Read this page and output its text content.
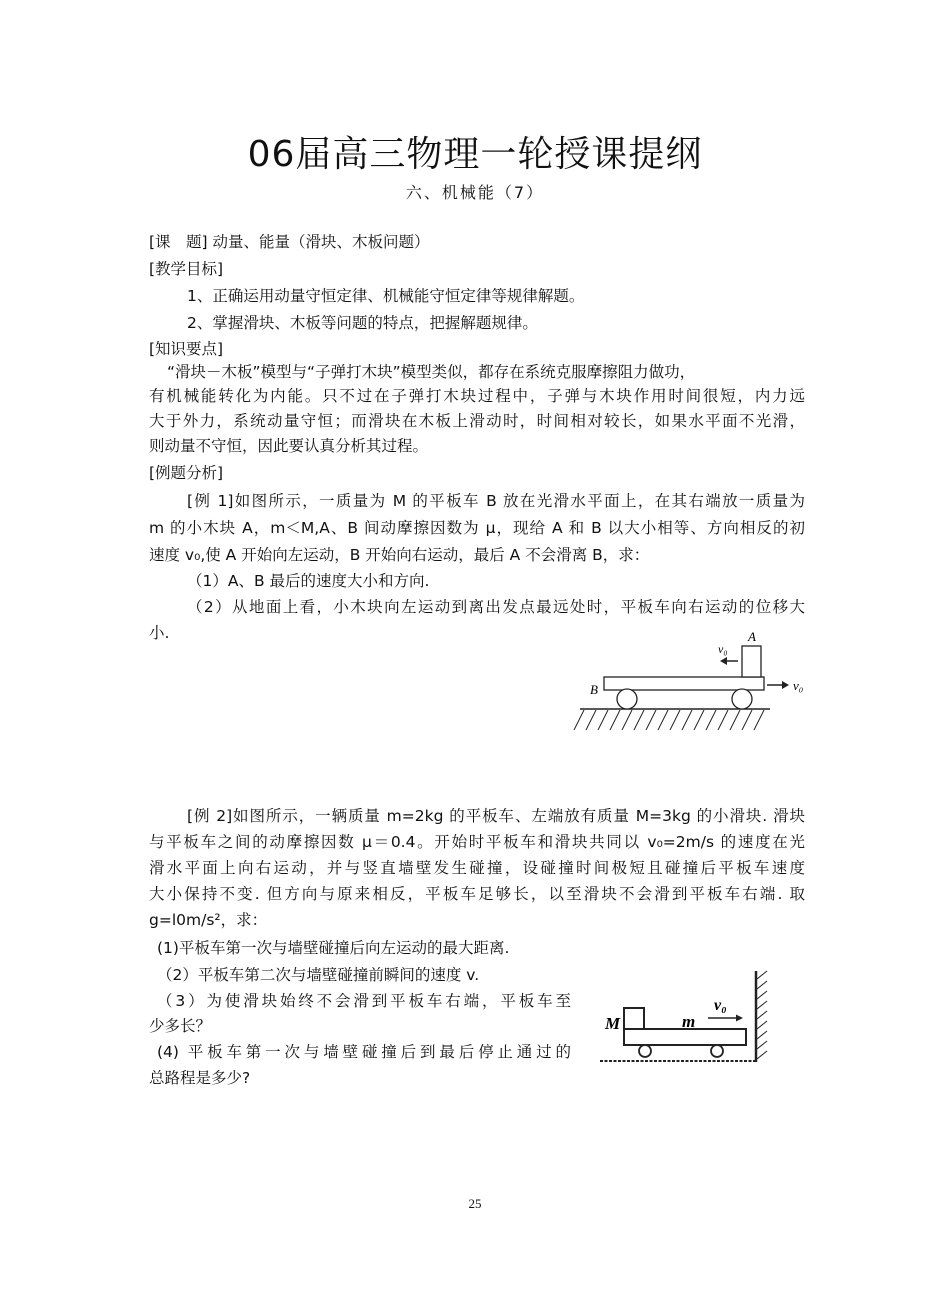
06届高三物理一轮授课提纲
六、机械能（7）
[课　题] 动量、能量（滑块、木板问题）
[教学目标]
1、正确运用动量守恒定律、机械能守恒定律等规律解题。
2、掌握滑块、木板等问题的特点，把握解题规律。
[知识要点]
“滑块－木板”模型与“子弹打木块”模型类似，都存在系统克服摩擦阻力做功，
有机械能转化为内能。只不过在子弹打木块过程中，子弹与木块作用时间很短，内力远
大于外力，系统动量守恒；而滑块在木板上滑动时，时间相对较长，如果水平面不光滑，
则动量不守恒，因此要认真分析其过程。
[例题分析]
[例 1]如图所示，一质量为 M 的平板车 B 放在光滑水平面上，在其右端放一质量为
m 的小木块 A，m＜M,A、B 间动摩擦因数为 μ，现给 A 和 B 以大小相等、方向相反的初
速度 v₀,使 A 开始向左运动，B 开始向右运动，最后 A 不会滑离 B，求：
（1）A、B 最后的速度大小和方向.
（2）从地面上看，小木块向左运动到离出发点最远处时，平板车向右运动的位移大
小.	A
B
v₀
v₀
[例 2]如图所示，一辆质量 m=2kg 的平板车、左端放有质量 M=3kg 的小滑块. 滑块
与平板车之间的动摩擦因数 μ＝0.4。开始时平板车和滑块共同以 v₀=2m/s 的速度在光
滑水平面上向右运动，并与竖直墙壁发生碰撞，设碰撞时间极短且碰撞后平板车速度
大小保持不变. 但方向与原来相反，平板车足够长，以至滑块不会滑到平板车右端. 取
g=l0m/s²，求：
(1)平板车第一次与墙壁碰撞后向左运动的最大距离.
（2）平板车第二次与墙壁碰撞前瞬间的速度 v.
（3）为使滑块始终不会滑到平板车右端，平板车至
少多长？
(4) 平板车第一次与墙壁碰撞后到最后停止通过的
总路程是多少?
M	m
v₀
25
